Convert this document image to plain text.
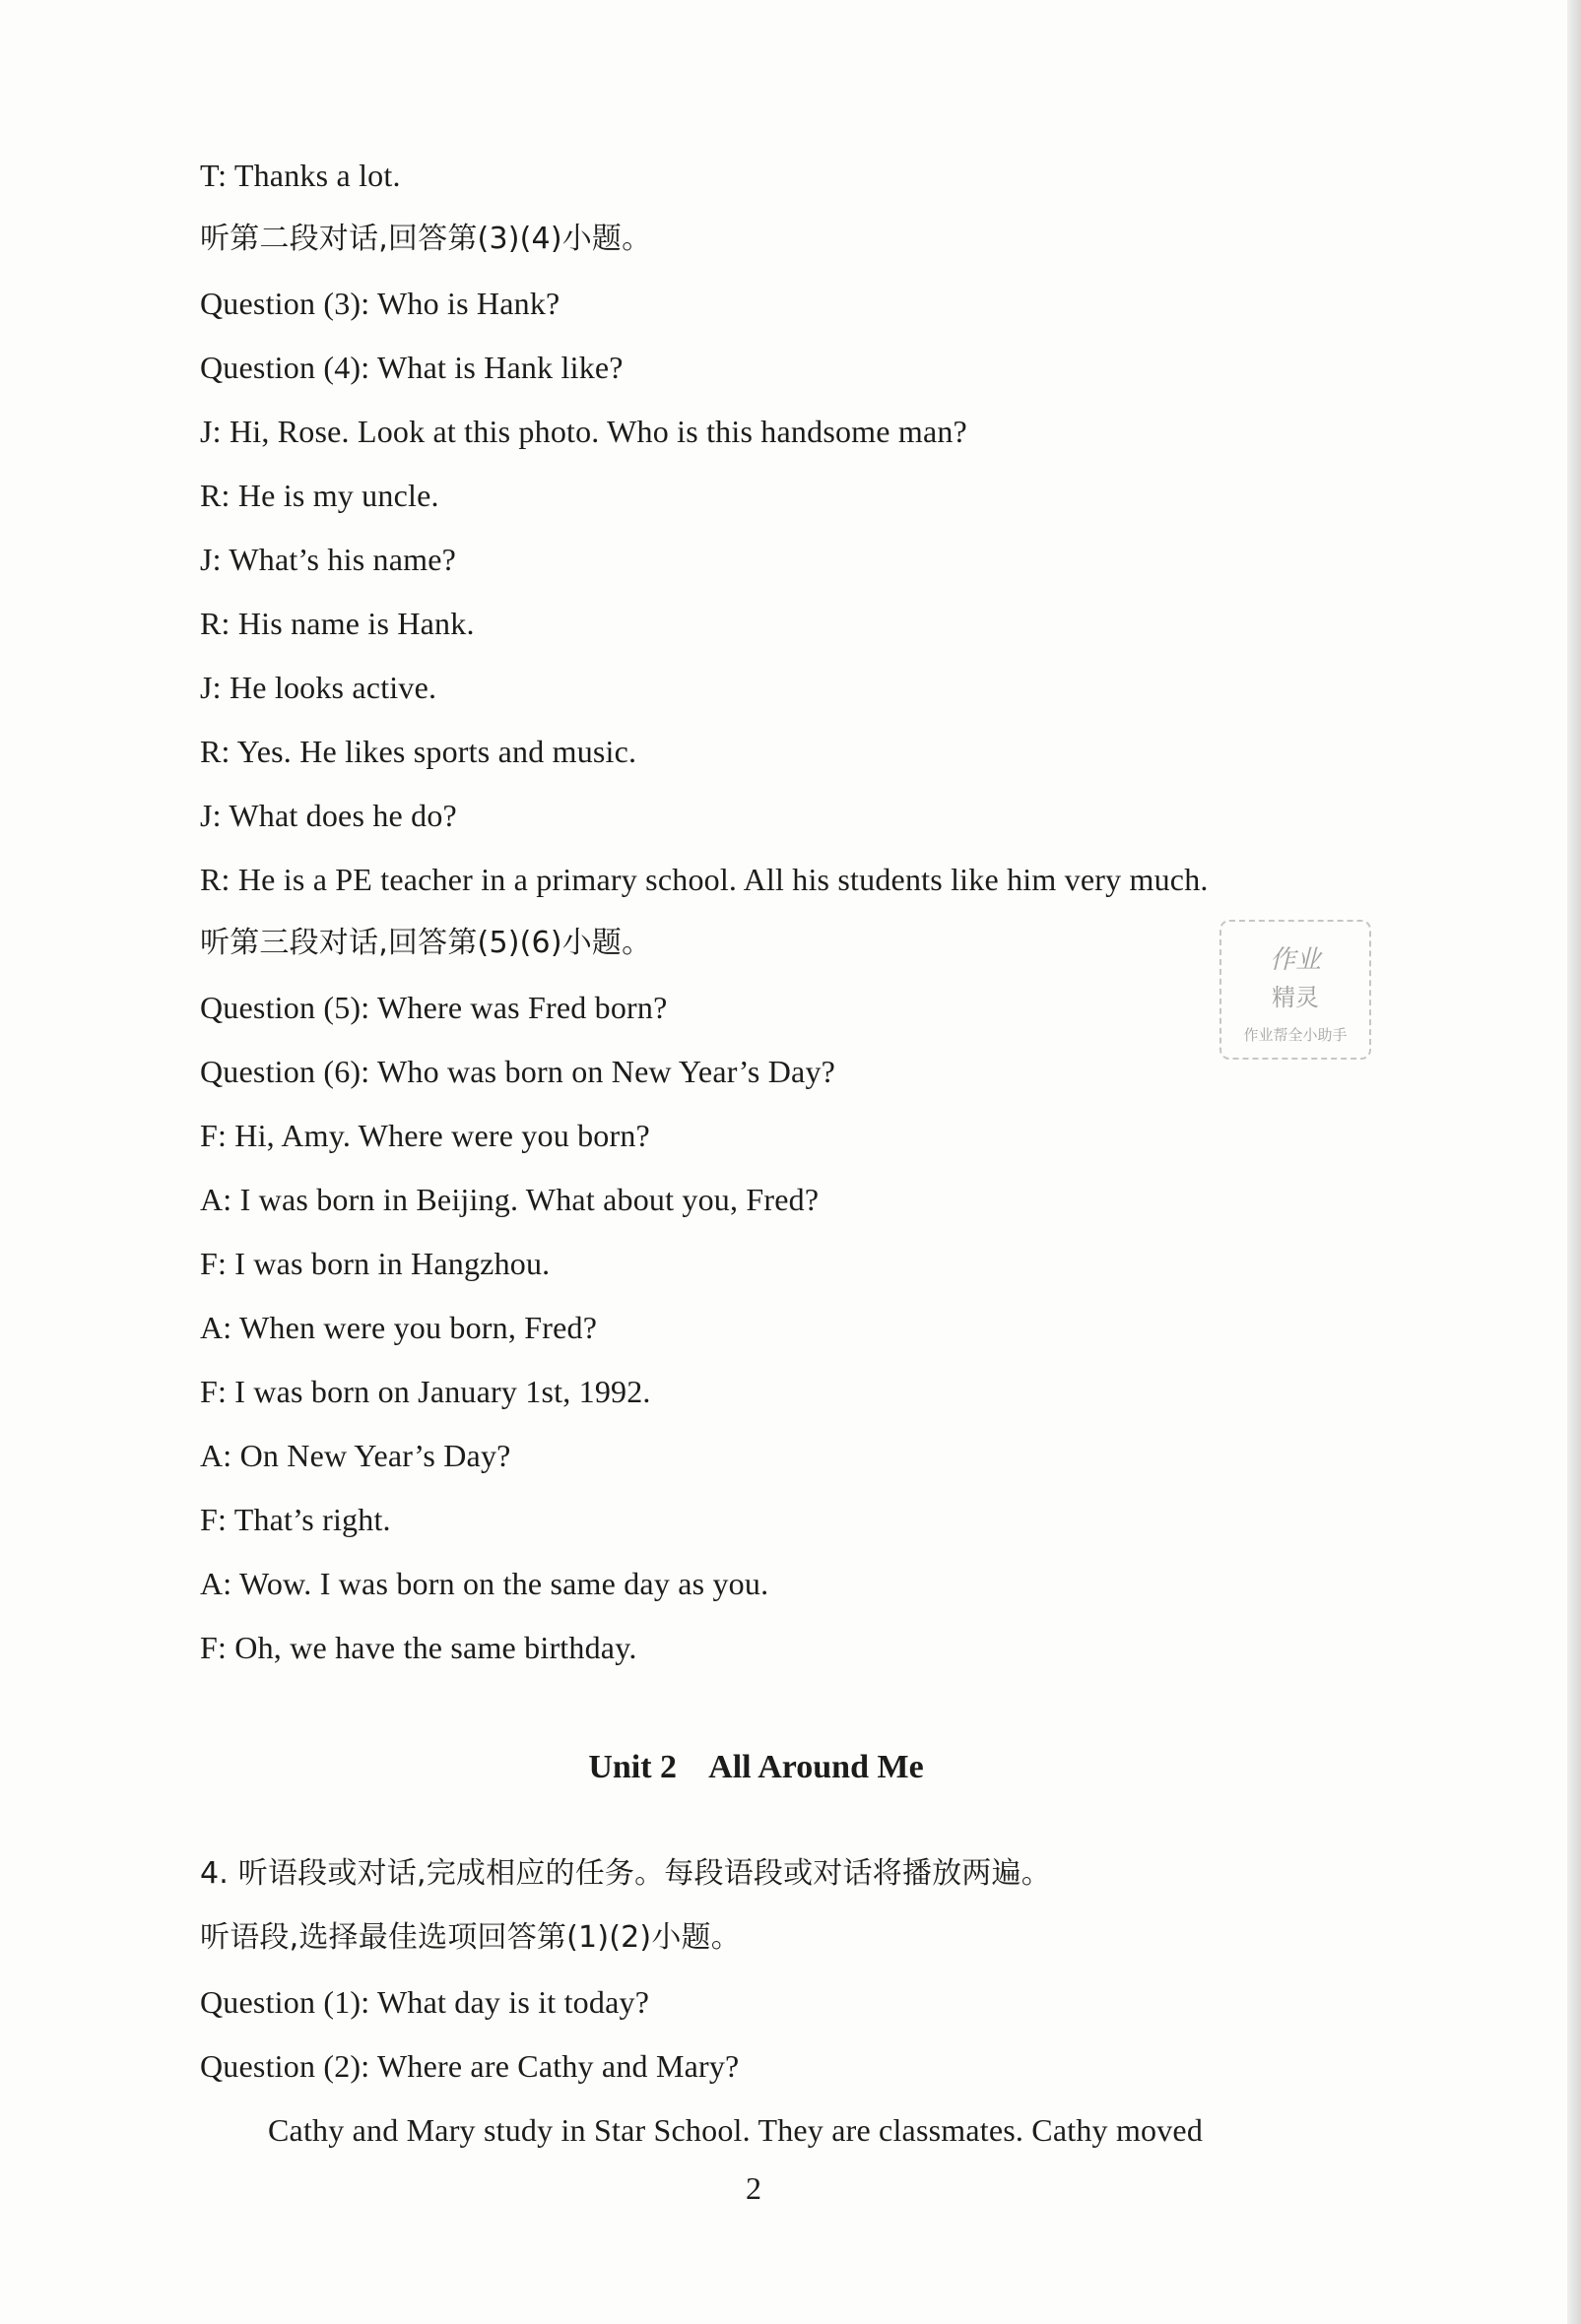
T: Thanks a lot.
听第二段对话,回答第(3)(4)小题。
Question (3): Who is Hank?
Question (4): What is Hank like?
J: Hi, Rose. Look at this photo. Who is this handsome man?
R: He is my uncle.
J: What’s his name?
R: His name is Hank.
J: He looks active.
R: Yes. He likes sports and music.
J: What does he do?
R: He is a PE teacher in a primary school. All his students like him very much.
听第三段对话,回答第(5)(6)小题。
Question (5): Where was Fred born?
Question (6): Who was born on New Year’s Day?
F: Hi, Amy. Where were you born?
A: I was born in Beijing. What about you, Fred?
F: I was born in Hangzhou.
A: When were you born, Fred?
F: I was born on January 1st, 1992.
A: On New Year’s Day?
F: That’s right.
A: Wow. I was born on the same day as you.
F: Oh, we have the same birthday.
Unit 2    All Around Me
4. 听语段或对话,完成相应的任务。每段语段或对话将播放两遍。
听语段,选择最佳选项回答第(1)(2)小题。
Question (1): What day is it today?
Question (2): Where are Cathy and Mary?
Cathy and Mary study in Star School. They are classmates. Cathy moved
2
作业
精灵
作业帮全小助手
